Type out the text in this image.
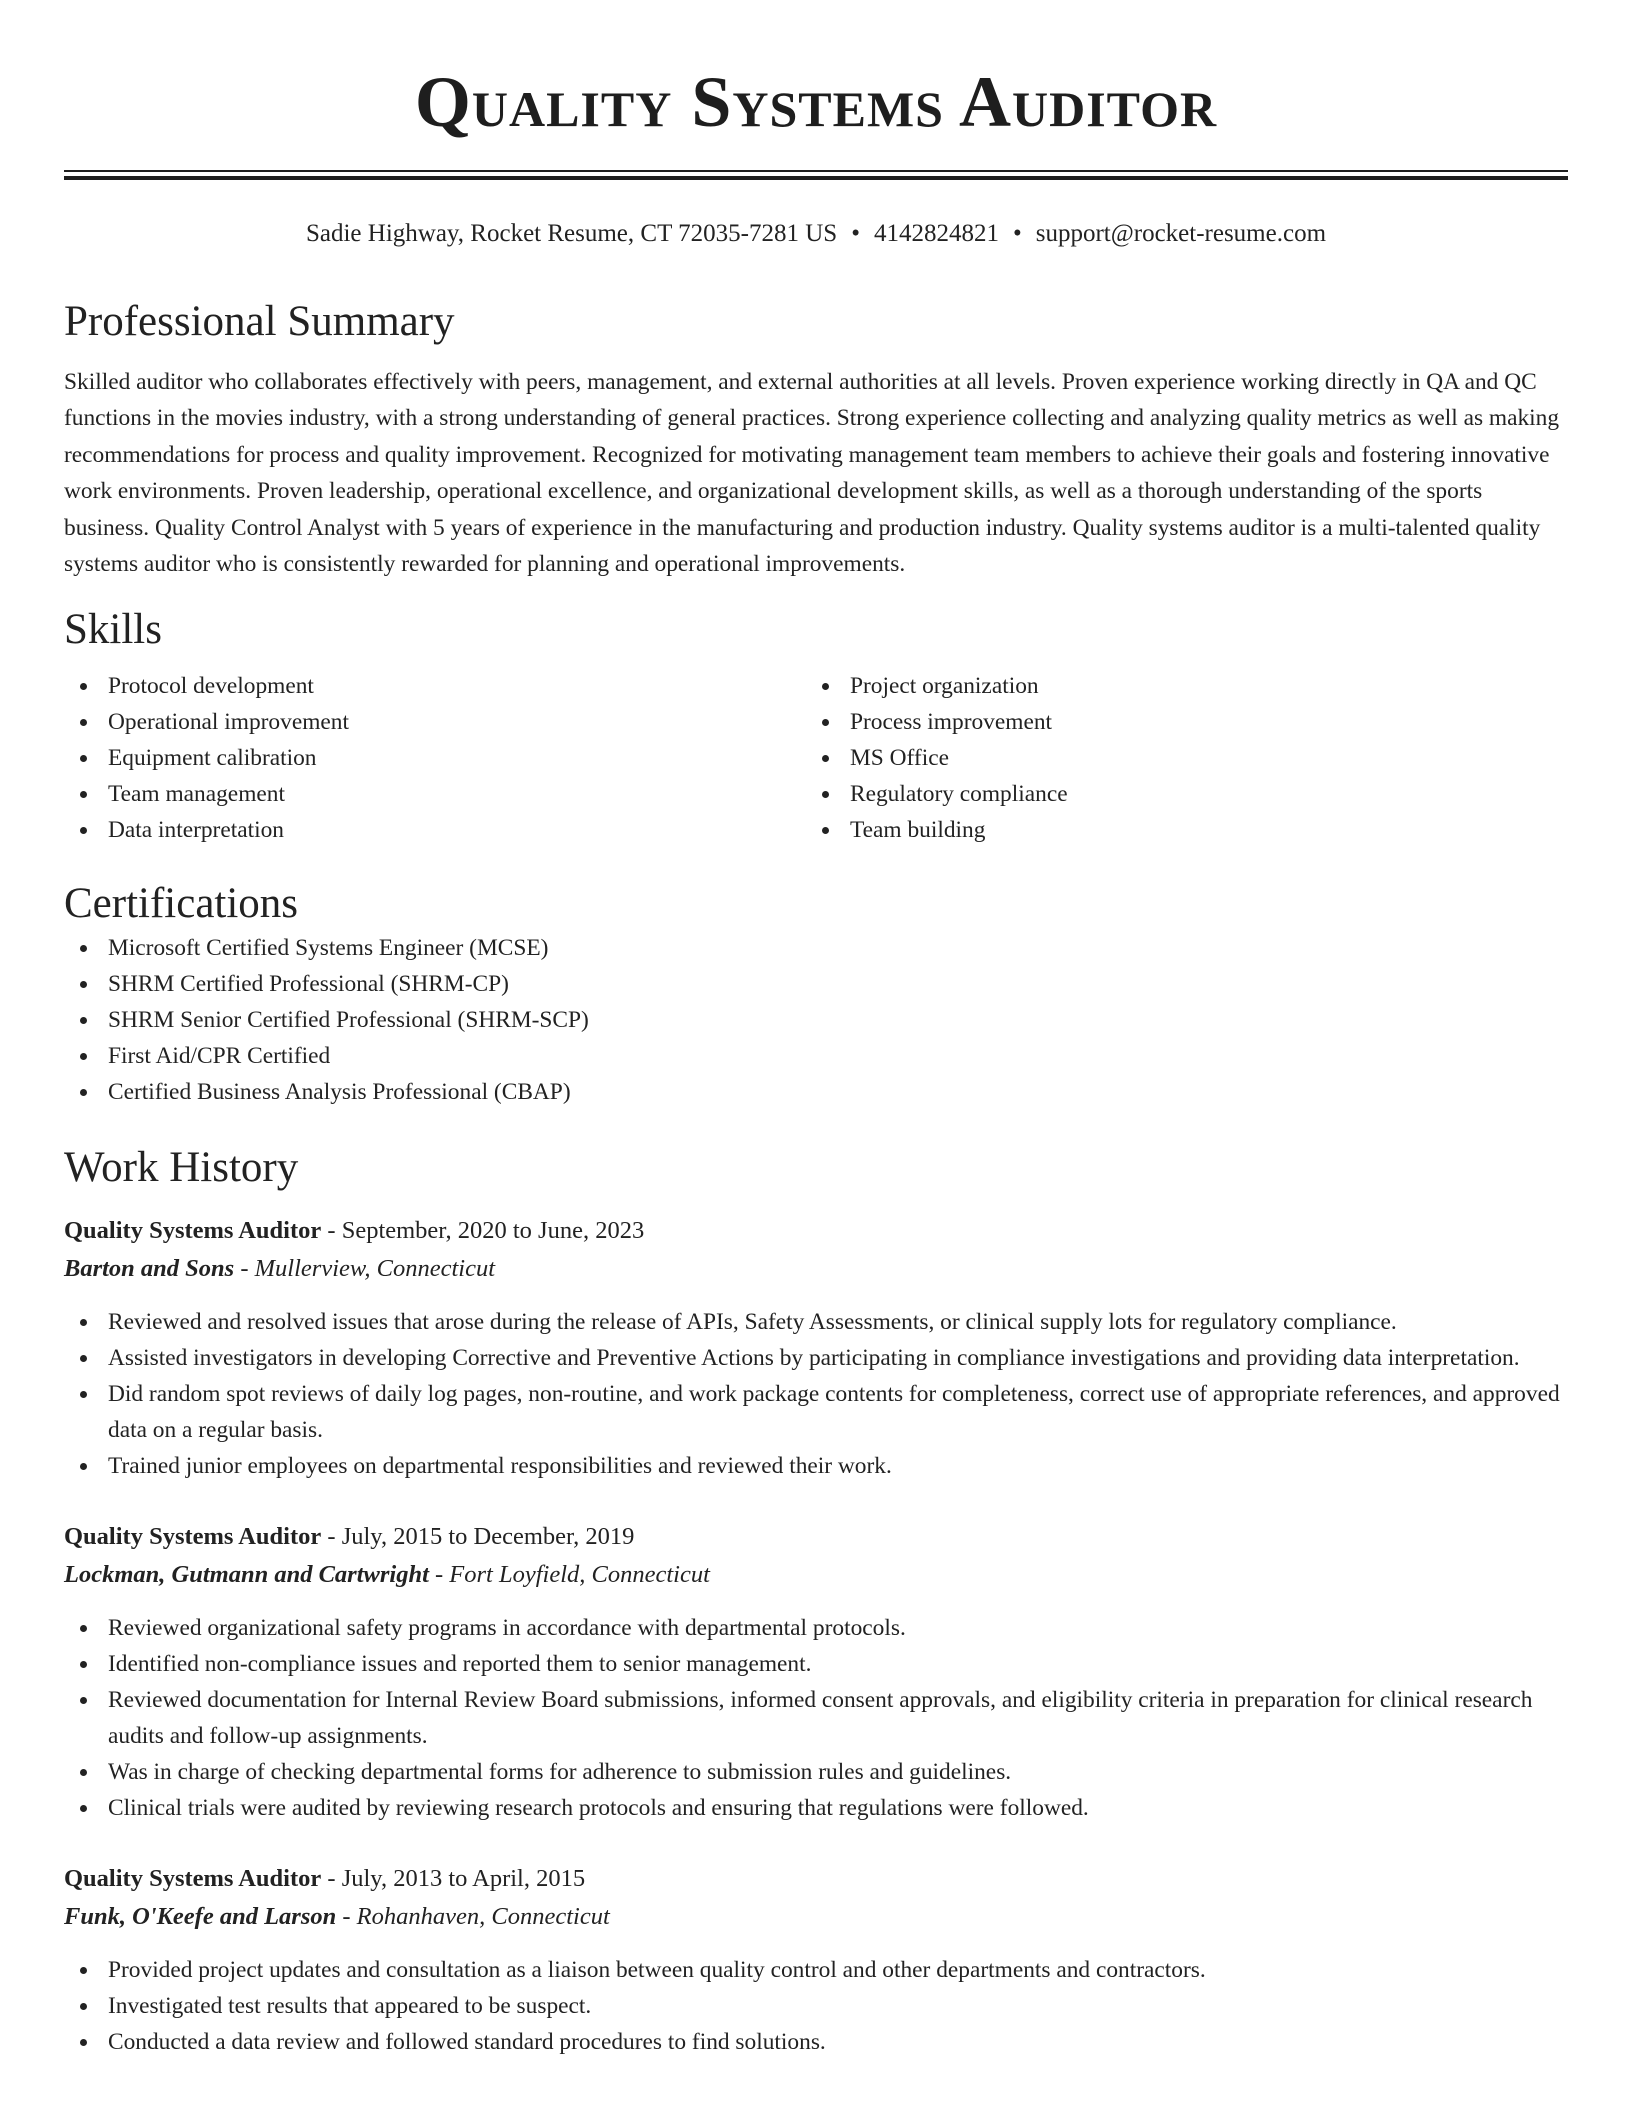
Quality Systems Auditor
Sadie Highway, Rocket Resume, CT 72035-7281 US • 4142824821 • support@rocket-resume.com
Professional Summary
Skilled auditor who collaborates effectively with peers, management, and external authorities at all levels. Proven experience working directly in QA and QC functions in the movies industry, with a strong understanding of general practices. Strong experience collecting and analyzing quality metrics as well as making recommendations for process and quality improvement. Recognized for motivating management team members to achieve their goals and fostering innovative work environments. Proven leadership, operational excellence, and organizational development skills, as well as a thorough understanding of the sports business. Quality Control Analyst with 5 years of experience in the manufacturing and production industry. Quality systems auditor is a multi-talented quality systems auditor who is consistently rewarded for planning and operational improvements.
Skills
Protocol development
Operational improvement
Equipment calibration
Team management
Data interpretation
Project organization
Process improvement
MS Office
Regulatory compliance
Team building
Certifications
Microsoft Certified Systems Engineer (MCSE)
SHRM Certified Professional (SHRM-CP)
SHRM Senior Certified Professional (SHRM-SCP)
First Aid/CPR Certified
Certified Business Analysis Professional (CBAP)
Work History
Quality Systems Auditor - September, 2020 to June, 2023
Barton and Sons - Mullerview, Connecticut
Reviewed and resolved issues that arose during the release of APIs, Safety Assessments, or clinical supply lots for regulatory compliance.
Assisted investigators in developing Corrective and Preventive Actions by participating in compliance investigations and providing data interpretation.
Did random spot reviews of daily log pages, non-routine, and work package contents for completeness, correct use of appropriate references, and approved data on a regular basis.
Trained junior employees on departmental responsibilities and reviewed their work.
Quality Systems Auditor - July, 2015 to December, 2019
Lockman, Gutmann and Cartwright - Fort Loyfield, Connecticut
Reviewed organizational safety programs in accordance with departmental protocols.
Identified non-compliance issues and reported them to senior management.
Reviewed documentation for Internal Review Board submissions, informed consent approvals, and eligibility criteria in preparation for clinical research audits and follow-up assignments.
Was in charge of checking departmental forms for adherence to submission rules and guidelines.
Clinical trials were audited by reviewing research protocols and ensuring that regulations were followed.
Quality Systems Auditor - July, 2013 to April, 2015
Funk, O'Keefe and Larson - Rohanhaven, Connecticut
Provided project updates and consultation as a liaison between quality control and other departments and contractors.
Investigated test results that appeared to be suspect.
Conducted a data review and followed standard procedures to find solutions.
